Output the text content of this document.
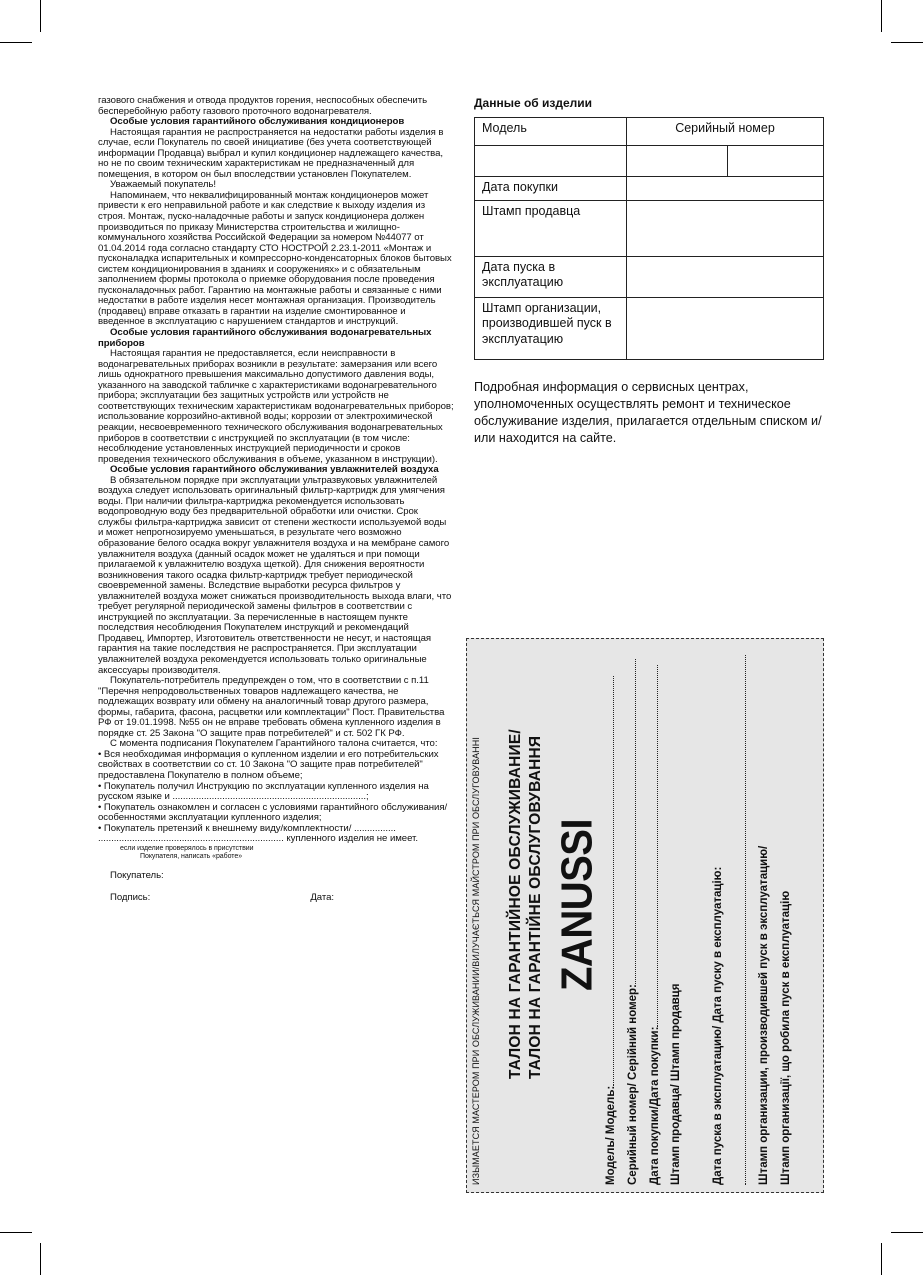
газового снабжения и отвода продуктов горения, неспособных обеспечить бесперебойную работу газового проточного водонагревателя.

Особые условия гарантийного обслуживания кондиционеров

Настоящая гарантия не распространяется на недостатки работы изделия в случае, если Покупатель по своей инициативе (без учета соответствующей информации Продавца) выбрал и купил кондиционер надлежащего качества, но не по своим техническим характеристикам не предназначенный для помещения, в котором он был впоследствии установлен Покупателем.

Уважаемый покупатель!

Напоминаем, что неквалифицированный монтаж кондиционеров может привести к его неправильной работе и как следствие к выходу изделия из строя. Монтаж, пуско-наладочные работы и запуск кондиционера должен производиться по приказу Министерства строительства и жилищно-коммунального хозяйства Российской Федерации за номером №44077 от 01.04.2014 года согласно стандарту СТО НОСТРОЙ 2.23.1-2011 «Монтаж и пусконаладка испарительных и компрессорно-конденсаторных блоков бытовых систем кондиционирования в зданиях и сооружениях» и с обязательным заполнением формы протокола о приемке оборудования после проведения пусконаладочных работ. Гарантию на монтажные работы и связанные с ними недостатки в работе изделия несет монтажная организация. Производитель (продавец) вправе отказать в гарантии на изделие смонтированное и введенное в эксплуатацию с нарушением стандартов и инструкций.

Особые условия гарантийного обслуживания водонагревательных приборов

Настоящая гарантия не предоставляется, если неисправности в водонагревательных приборах возникли в результате: замерзания или всего лишь однократного превышения максимально допустимого давления воды, указанного на заводской табличке с характеристиками водонагревательного прибора; эксплуатации без защитных устройств или устройств не соответствующих техническим характеристикам водонагревательных приборов; использование коррозийно-активной воды; коррозии от электрохимической реакции, несвоевременного технического обслуживания водонагревательных приборов в соответствии с инструкцией по эксплуатации (в том числе: несоблюдение установленных инструкцией периодичности и сроков проведения технического обслуживания в объеме, указанном в инструкции).

Особые условия гарантийного обслуживания увлажнителей воздуха

В обязательном порядке при эксплуатации ультразвуковых увлажнителей воздуха следует использовать оригинальный фильтр-картридж для умягчения воды. При наличии фильтра-картриджа рекомендуется использовать водопроводную воду без предварительной обработки или очистки. Срок службы фильтра-картриджа зависит от степени жесткости используемой воды и может непрогнозируемо уменьшаться, в результате чего возможно образование белого осадка вокруг увлажнителя воздуха и на мембране самого увлажнителя воздуха (данный осадок может не удаляться и при помощи прилагаемой к увлажнителю воздуха щеткой). Для снижения вероятности возникновения такого осадка фильтр-картридж требует периодической своевременной замены. Вследствие выработки ресурса фильтров у увлажнителей воздуха может снижаться производительность выхода влаги, что требует регулярной периодической замены фильтров в соответствии с инструкцией по эксплуатации. За перечисленные в настоящем пункте последствия несоблюдения Покупателем инструкций и рекомендаций Продавец, Импортер, Изготовитель ответственности не несут, и настоящая гарантия на такие последствия не распространяется. При эксплуатации увлажнителей воздуха рекомендуется использовать только оригинальные аксессуары производителя.

Покупатель-потребитель предупрежден о том, что в соответствии с п.11 "Перечня непродовольственных товаров надлежащего качества, не подлежащих возврату или обмену на аналогичный товар другого размера, формы, габарита, фасона, расцветки или комплектации" Пост. Правительства РФ от 19.01.1998. №55 он не вправе требовать обмена купленного изделия в порядке ст. 25 Закона "О защите прав потребителей" и ст. 502 ГК РФ.

С момента подписания Покупателем Гарантийного талона считается, что:

• Вся необходимая информация о купленном изделии и его потребительских свойствах в соответствии со ст. 10 Закона "О защите прав потребителей" предоставлена Покупателю в полном объеме;

• Покупатель получил Инструкцию по эксплуатации купленного изделия на русском языке и ..........................................................................;

• Покупатель ознакомлен и согласен с условиями гарантийного обслуживания/особенностями эксплуатации купленного изделия;

• Покупатель претензий к внешнему виду/комплектности/ ................

....................................................................... купленного изделия не имеет.

если изделие проверялось в присутствии

Покупателя, написать «работе»

Покупатель:

Подпись:	Дата:
Данные об изделии
Модель	Серийный номер	

Дата покупки		
Штамп продавца		
Дата пуска в эксплуатацию		
Штамп организации, производившей пуск в эксплуатацию		

Подробная информация о сервисных центрах, уполномоченных осуществлять ремонт и техническое обслуживание изделия, прилагается отдельным списком и/или находится на сайте.

ИЗЫМАЕТСЯ МАСТЕРОМ ПРИ ОБСЛУЖИВАНИИ/ВИЛУЧАЄТЬСЯ МАЙСТРОМ ПРИ ОБСЛУГОВУВАННІ ТАЛОН НА ГАРАНТИЙНОЕ ОБСЛУЖИВАНИЕ/ ТАЛОН НА ГАРАНТІЙНЕ ОБСЛУГОВУВАННЯ ZANUSSI
Модель/ Модель: Серийный номер/ Серійний номер: Дата покупки/Дата покупки: Штамп продавца/ Штамп продавця	Дата пуска в эксплуатацию/ Дата пуску в експлуатацію:	Штамп организации, производившей пуск в эксплуатацию/ Штамп организації, що робила пуск в експлуатацію
